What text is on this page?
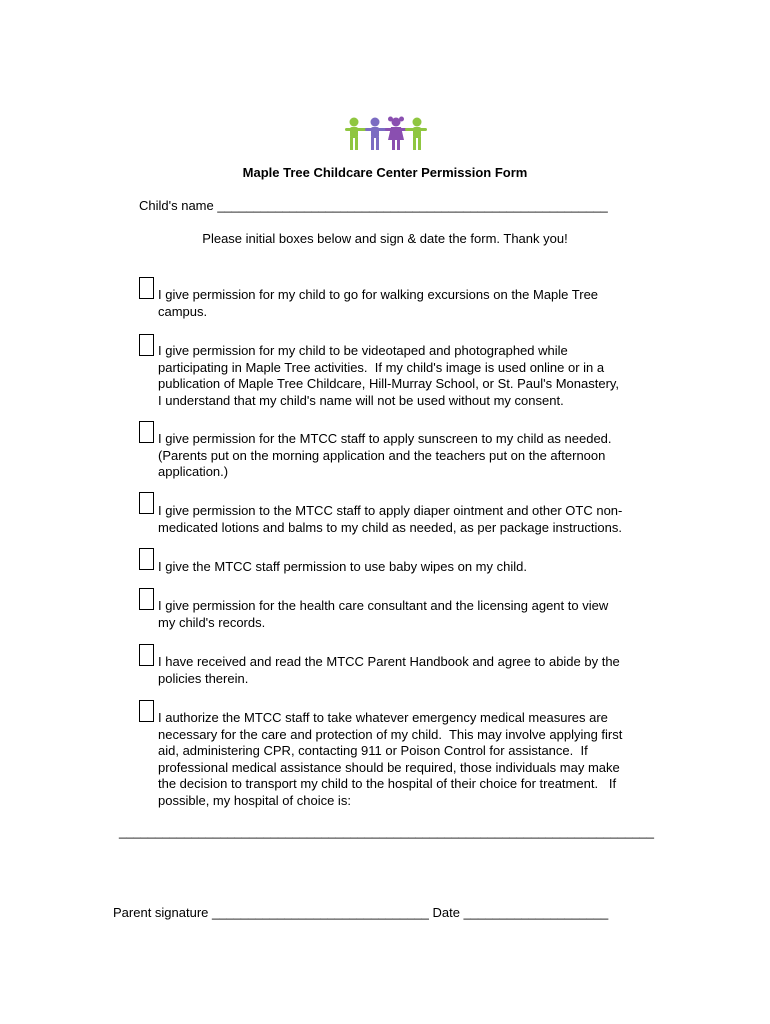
Maple Tree Childcare Center Permission Form
Child's name ______________________________________________________
Please initial boxes below and sign & date the form. Thank you!
I give permission for my child to go for walking excursions on the Maple Tree
campus.
I give permission for my child to be videotaped and photographed while
participating in Maple Tree activities.  If my child's image is used online or in a
publication of Maple Tree Childcare, Hill-Murray School, or St. Paul's Monastery,
I understand that my child's name will not be used without my consent.
I give permission for the MTCC staff to apply sunscreen to my child as needed.
(Parents put on the morning application and the teachers put on the afternoon
application.)
I give permission to the MTCC staff to apply diaper ointment and other OTC non-
medicated lotions and balms to my child as needed, as per package instructions.
I give the MTCC staff permission to use baby wipes on my child.
I give permission for the health care consultant and the licensing agent to view
my child's records.
I have received and read the MTCC Parent Handbook and agree to abide by the
policies therein.
I authorize the MTCC staff to take whatever emergency medical measures are
necessary for the care and protection of my child.  This may involve applying first
aid, administering CPR, contacting 911 or Poison Control for assistance.  If
professional medical assistance should be required, those individuals may make
the decision to transport my child to the hospital of their choice for treatment.   If
possible, my hospital of choice is:
__________________________________________________________________________
Parent signature ______________________________ Date ____________________
